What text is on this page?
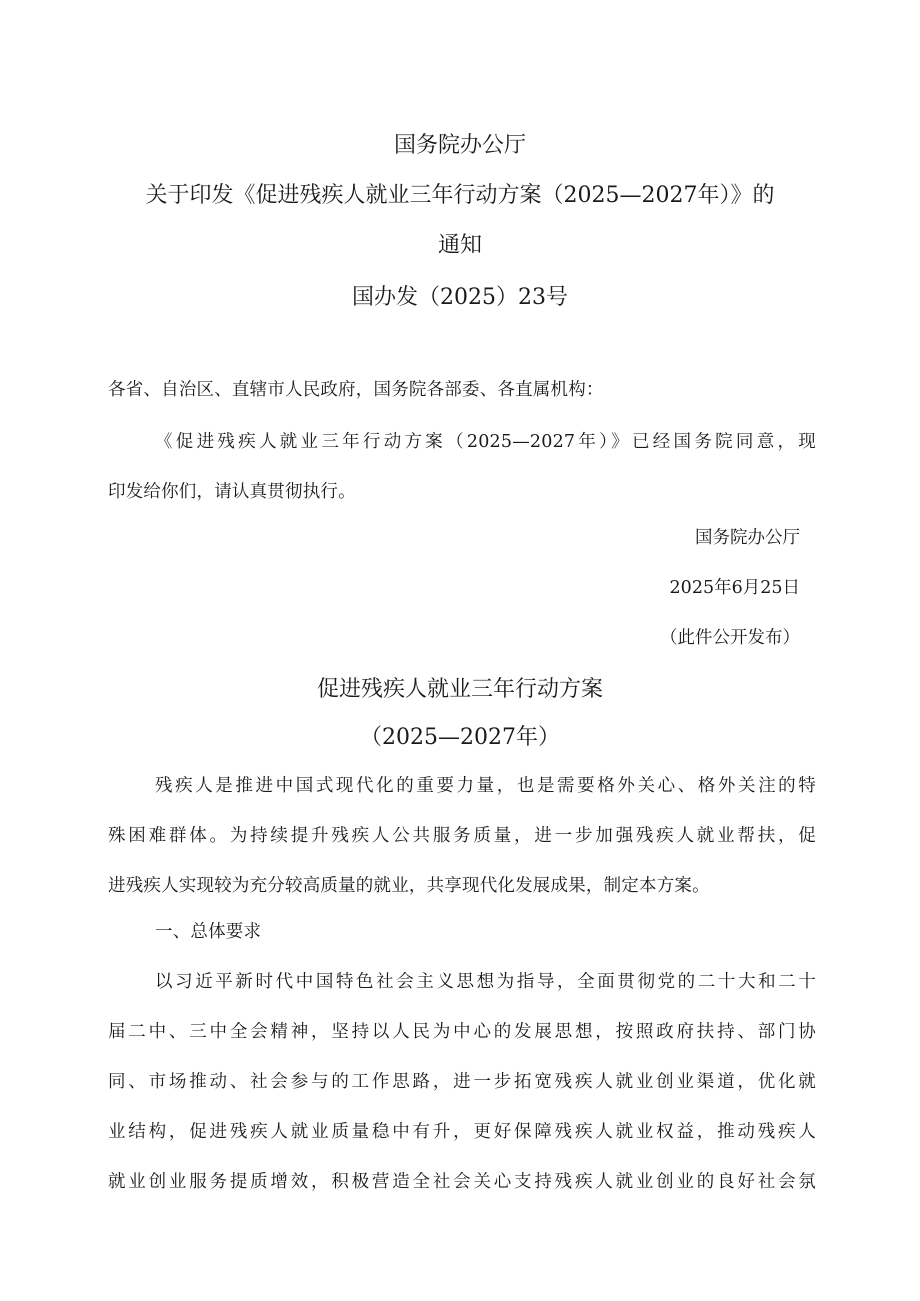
国务院办公厅
关于印发《促进残疾人就业三年行动方案（2025—2027年）》的
通知
国办发（2025）23号
各省、自治区、直辖市人民政府，国务院各部委、各直属机构：
《促进残疾人就业三年行动方案（2025—2027年）》已经国务院同意，现
印发给你们，请认真贯彻执行。
国务院办公厅
2025年6月25日
（此件公开发布）
促进残疾人就业三年行动方案
（2025—2027年）
残疾人是推进中国式现代化的重要力量，也是需要格外关心、格外关注的特
殊困难群体。为持续提升残疾人公共服务质量，进一步加强残疾人就业帮扶，促
进残疾人实现较为充分较高质量的就业，共享现代化发展成果，制定本方案。
一、总体要求
以习近平新时代中国特色社会主义思想为指导，全面贯彻党的二十大和二十
届二中、三中全会精神，坚持以人民为中心的发展思想，按照政府扶持、部门协
同、市场推动、社会参与的工作思路，进一步拓宽残疾人就业创业渠道，优化就
业结构，促进残疾人就业质量稳中有升，更好保障残疾人就业权益，推动残疾人
就业创业服务提质增效，积极营造全社会关心支持残疾人就业创业的良好社会氛
